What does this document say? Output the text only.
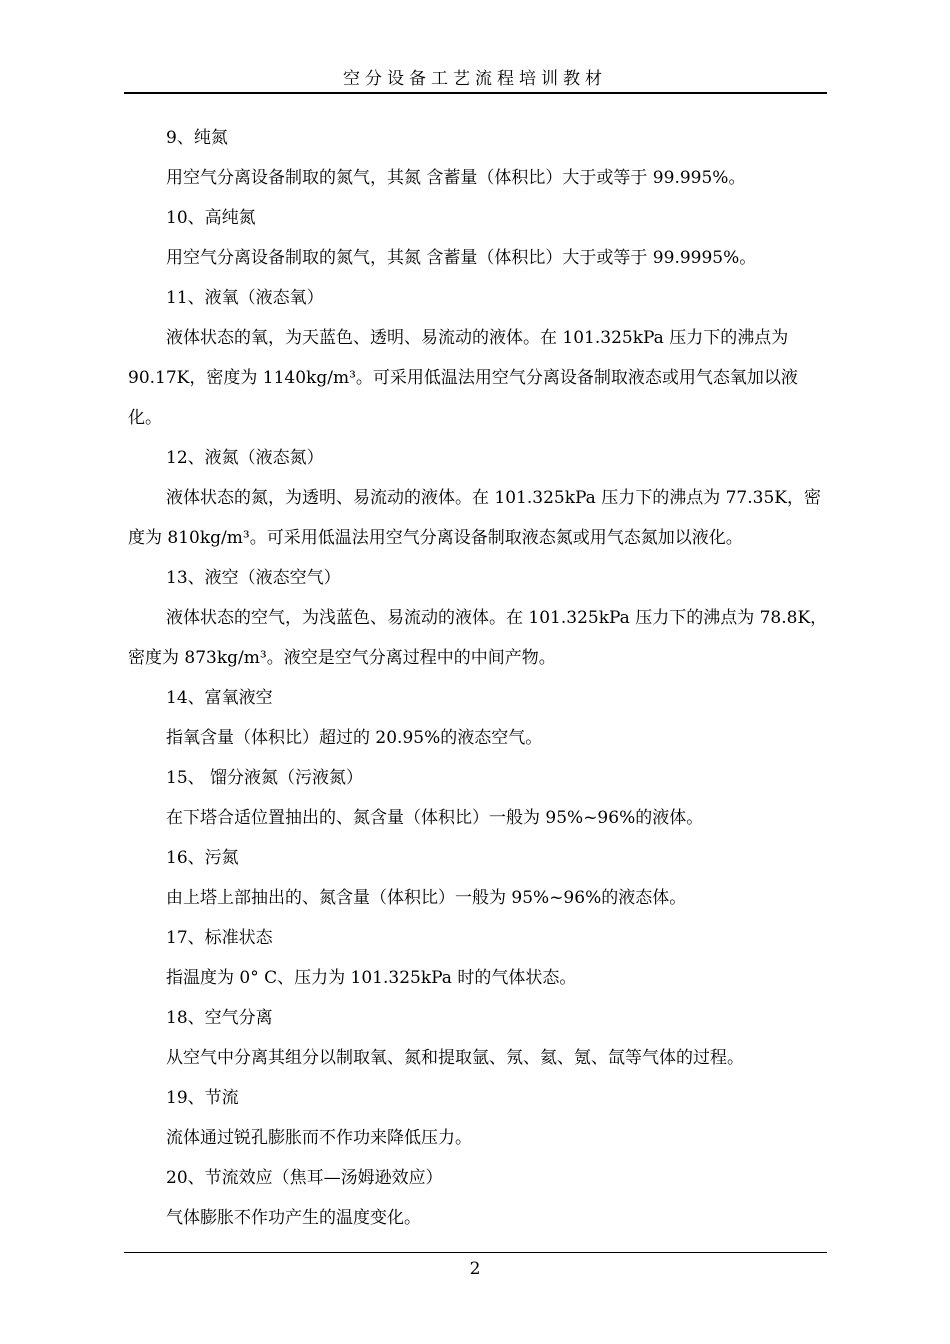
空分设备工艺流程培训教材
9、纯氮
用空气分离设备制取的氮气，其氮 含蓄量（体积比）大于或等于 99.995%。
10、高纯氮
用空气分离设备制取的氮气，其氮 含蓄量（体积比）大于或等于 99.9995%。
11、液氧（液态氧）
液体状态的氧，为天蓝色、透明、易流动的液体。在 101.325kPa 压力下的沸点为 90.17K，密度为 1140kg/m³。可采用低温法用空气分离设备制取液态或用气态氧加以液化。
12、液氮（液态氮）
液体状态的氮，为透明、易流动的液体。在 101.325kPa 压力下的沸点为 77.35K，密度为 810kg/m³。可采用低温法用空气分离设备制取液态氮或用气态氮加以液化。
13、液空（液态空气）
液体状态的空气，为浅蓝色、易流动的液体。在 101.325kPa 压力下的沸点为 78.8K，密度为 873kg/m³。液空是空气分离过程中的中间产物。
14、富氧液空
指氧含量（体积比）超过的 20.95%的液态空气。
15、 馏分液氮（污液氮）
在下塔合适位置抽出的、氮含量（体积比）一般为 95%~96%的液体。
16、污氮
由上塔上部抽出的、氮含量（体积比）一般为 95%~96%的液态体。
17、标准状态
指温度为 0° C、压力为 101.325kPa 时的气体状态。
18、空气分离
从空气中分离其组分以制取氧、氮和提取氩、氖、氦、氪、氙等气体的过程。
19、节流
流体通过锐孔膨胀而不作功来降低压力。
20、节流效应（焦耳—汤姆逊效应）
气体膨胀不作功产生的温度变化。
2
